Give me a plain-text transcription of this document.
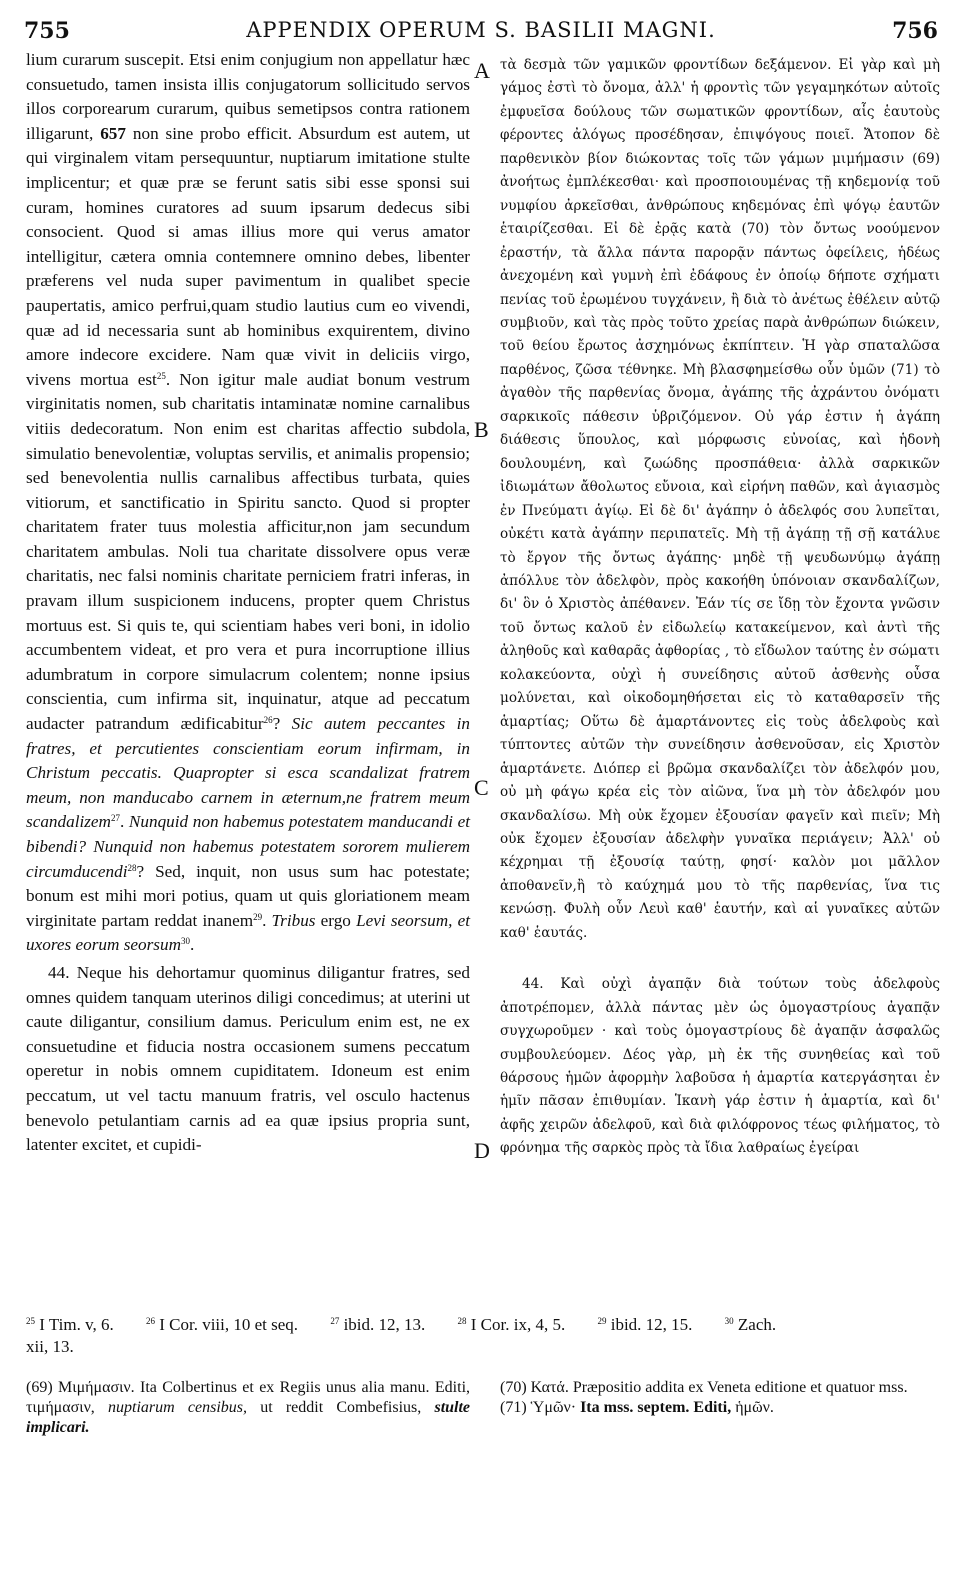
755	APPENDIX OPERUM S. BASILII MAGNI.	756
A
B
C
D

lium curarum suscepit. Etsi enim conjugium non appellatur hæc consuetudo, tamen insista illis conjugatorum sollicitudo servos illos corporearum curarum, quibus semetipsos contra rationem illigarunt, 657 non sine probo efficit. Absurdum est autem, ut qui virginalem vitam persequuntur, nuptiarum imitatione stulte implicentur; et quæ præ se ferunt satis sibi esse sponsi sui curam, homines curatores ad suum ipsarum dedecus sibi consocient. Quod si amas illius more qui verus amator intelligitur, cætera omnia contemnere omnino debes, libenter præferens vel nuda super pavimentum in qualibet specie paupertatis, amico perfrui,quam studio lautius cum eo vivendi, quæ ad id necessaria sunt ab hominibus exquirentem, divino amore indecore excidere. Nam quæ vivit in deliciis virgo, vivens mortua est$^{25}$. Non igitur male audiat bonum vestrum virginitatis nomen, sub charitatis intaminatæ nomine carnalibus vitiis dedecoratum. Non enim est charitas affectio subdola, simulatio benevolentiæ, voluptas servilis, et animalis propensio; sed benevolentia nullis carnalibus affectibus turbata, quies vitiorum, et sanctificatio in Spiritu sancto. Quod si propter charitatem frater tuus molestia afficitur,non jam secundum charitatem ambulas. Noli tua charitate dissolvere opus veræ charitatis, nec falsi nominis charitate perniciem fratri inferas, in pravam illum suspicionem inducens, propter quem Christus mortuus est. Si quis te, qui scientiam habes veri boni, in idolio accumbentem videat, et pro vera et pura incorruptione illius adumbratum in corpore simulacrum colentem; nonne ipsius conscientia, cum infirma sit, inquinatur, atque ad peccatum audacter patrandum ædificabitur$^{26}$? Sic autem peccantes in fratres, et percutientes conscientiam eorum infirmam, in Christum peccatis. Quapropter si esca scandalizat fratrem meum, non manducabo carnem in æternum,ne fratrem meum scandalizem$^{27}$. Nunquid non habemus potestatem manducandi et bibendi? Nunquid non habemus potestatem sororem mulierem circumducendi$^{28}$? Sed, inquit, non usus sum hac potestate; bonum est mihi mori potius, quam ut quis gloriationem meam virginitate partam reddat inanem$^{29}$. Tribus ergo Levi seorsum, et uxores eorum seorsum$^{30}$.

44. Neque his dehortamur quominus diligantur fratres, sed omnes quidem tanquam uterinos diligi concedimus; at uterini ut caute diligantur, consilium damus. Periculum enim est, ne ex consuetudine et fiducia nostra occasionem sumens peccatum operetur in nobis omnem cupiditatem. Idoneum est enim peccatum, ut vel tactu manuum fratris, vel osculo hactenus benevolo petulantiam carnis ad ea quæ ipsius propria sunt, latenter excitet, et cupidi-

τὰ δεσμὰ τῶν γαμικῶν φροντίδων δεξάμενον. Εἰ γὰρ καὶ μὴ γάμος ἐστὶ τὸ ὄνομα, ἀλλ' ἡ φροντὶς τῶν γεγαμηκότων αὐτοῖς ἐμφυεῖσα δούλους τῶν σωματικῶν φροντίδων, αἷς ἑαυτοὺς φέροντες ἀλόγως προσέδησαν, ἐπιψόγους ποιεῖ. Ἄτοπον δὲ παρθενικὸν βίον διώκοντας τοῖς τῶν γάμων μιμήμασιν (69) ἀνοήτως ἐμπλέκεσθαι· καὶ προσποιουμένας τῇ κηδεμονίᾳ τοῦ νυμφίου ἀρκεῖσθαι, ἀνθρώπους κηδεμόνας ἐπὶ ψόγῳ ἑαυτῶν ἑταιρίζεσθαι. Εἰ δὲ ἐρᾷς κατὰ (70) τὸν ὄντως νοούμενον ἐραστήν, τὰ ἄλλα πάντα παρορᾷν πάντως ὀφείλεις, ἡδέως ἀνεχομένη καὶ γυμνὴ ἐπὶ ἐδάφους ἐν ὁποίῳ δήποτε σχήματι πενίας τοῦ ἐρωμένου τυγχάνειν, ἢ διὰ τὸ ἀνέτως ἐθέλειν αὐτῷ συμβιοῦν, καὶ τὰς πρὸς τοῦτο χρείας παρὰ ἀνθρώπων διώκειν, τοῦ θείου ἔρωτος ἀσχημόνως ἐκπίπτειν. Ἡ γὰρ σπαταλῶσα παρθένος, ζῶσα τέθνηκε. Μὴ βλασφημείσθω οὖν ὑμῶν (71) τὸ ἀγαθὸν τῆς παρθενίας ὄνομα, ἀγάπης τῆς ἀχράντου ὀνόματι σαρκικοῖς πάθεσιν ὑβριζόμενον. Οὐ γάρ ἐστιν ἡ ἀγάπη διάθεσις ὕπουλος, καὶ μόρφωσις εὐνοίας, καὶ ἡδονὴ δουλουμένη, καὶ ζωώδης προσπάθεια· ἀλλὰ σαρκικῶν ἰδιωμάτων ἄθολωτος εὔνοια, καὶ εἰρήνη παθῶν, καὶ ἁγιασμὸς ἐν Πνεύματι ἁγίῳ. Εἰ δὲ δι' ἀγάπην ὁ ἀδελφός σου λυπεῖται, οὐκέτι κατὰ ἀγάπην περιπατεῖς. Μὴ τῇ ἀγάπῃ τῇ σῇ κατάλυε τὸ ἔργον τῆς ὄντως ἀγάπης· μηδὲ τῇ ψευδωνύμῳ ἀγάπῃ ἀπόλλυε τὸν ἀδελφὸν, πρὸς κακοήθη ὑπόνοιαν σκανδαλίζων, δι' ὃν ὁ Χριστὸς ἀπέθανεν. Ἐάν τίς σε ἴδῃ τὸν ἔχοντα γνῶσιν τοῦ ὄντως καλοῦ ἐν εἰδωλείῳ κατακείμενον, καὶ ἀντὶ τῆς ἀληθοῦς καὶ καθαρᾶς ἀφθορίας , τὸ εἴδωλον ταύτης ἐν σώματι κολακεύοντα, οὐχὶ ἡ συνείδησις αὐτοῦ ἀσθενὴς οὖσα μολύνεται, καὶ οἰκοδομηθήσεται εἰς τὸ καταθαρσεῖν τῆς ἁμαρτίας; Οὕτω δὲ ἁμαρτάνοντες εἰς τοὺς ἀδελφοὺς καὶ τύπτοντες αὐτῶν τὴν συνείδησιν ἀσθενοῦσαν, εἰς Χριστὸν ἁμαρτάνετε. Διόπερ εἰ βρῶμα σκανδαλίζει τὸν ἀδελφόν μου, οὐ μὴ φάγω κρέα εἰς τὸν αἰῶνα, ἵνα μὴ τὸν ἀδελφόν μου σκανδαλίσω. Μὴ οὐκ ἔχομεν ἐξουσίαν φαγεῖν καὶ πιεῖν; Μὴ οὐκ ἔχομεν ἐξουσίαν ἀδελφὴν γυναῖκα περιάγειν; Ἀλλ' οὐ κέχρημαι τῇ ἐξουσίᾳ ταύτῃ, φησί· καλὸν μοι μᾶλλον ἀποθανεῖν,ἢ τὸ καύχημά μου τὸ τῆς παρθενίας, ἵνα τις κενώσῃ. Φυλὴ οὖν Λευὶ καθ' ἑαυτήν, καὶ αἱ γυναῖκες αὐτῶν καθ' ἑαυτάς.

44. Καὶ οὐχὶ ἀγαπᾷν διὰ τούτων τοὺς ἀδελφοὺς ἀποτρέπομεν, ἀλλὰ πάντας μὲν ὡς ὁμογαστρίους ἀγαπᾷν συγχωροῦμεν · καὶ τοὺς ὁμογαστρίους δὲ ἀγαπᾷν ἀσφαλῶς συμβουλεύομεν. Δέος γὰρ, μὴ ἐκ τῆς συνηθείας καὶ τοῦ θάρσους ἡμῶν ἀφορμὴν λαβοῦσα ἡ ἁμαρτία κατεργάσηται ἐν ἡμῖν πᾶσαν ἐπιθυμίαν. Ἱκανὴ γάρ ἐστιν ἡ ἁμαρτία, καὶ δι' ἀφῆς χειρῶν ἀδελφοῦ, καὶ διὰ φιλόφρονος τέως φιλήματος, τὸ φρόνημα τῆς σαρκὸς πρὸς τὰ ἴδια λαθραίως ἐγείραι

$^{25}$ I Tim. v, 6.	$^{26}$ I Cor. viii, 10 et seq.	$^{27}$ ibid. 12, 13.	$^{28}$ I Cor. ix, 4, 5.	$^{29}$ ibid. 12, 15.	$^{30}$ Zach.
xii, 13.

(69) Μιμήμασιν. Ita Colbertinus et ex Regiis unus alia manu. Editi, τιμήμασιν, nuptiarum censibus, ut reddit Combefisius, stulte implicari.

(70) Κατά. Præpositio addita ex Veneta editione et quatuor mss.

(71) Ὑμῶν· Ita mss. septem. Editi, ἡμῶν.
